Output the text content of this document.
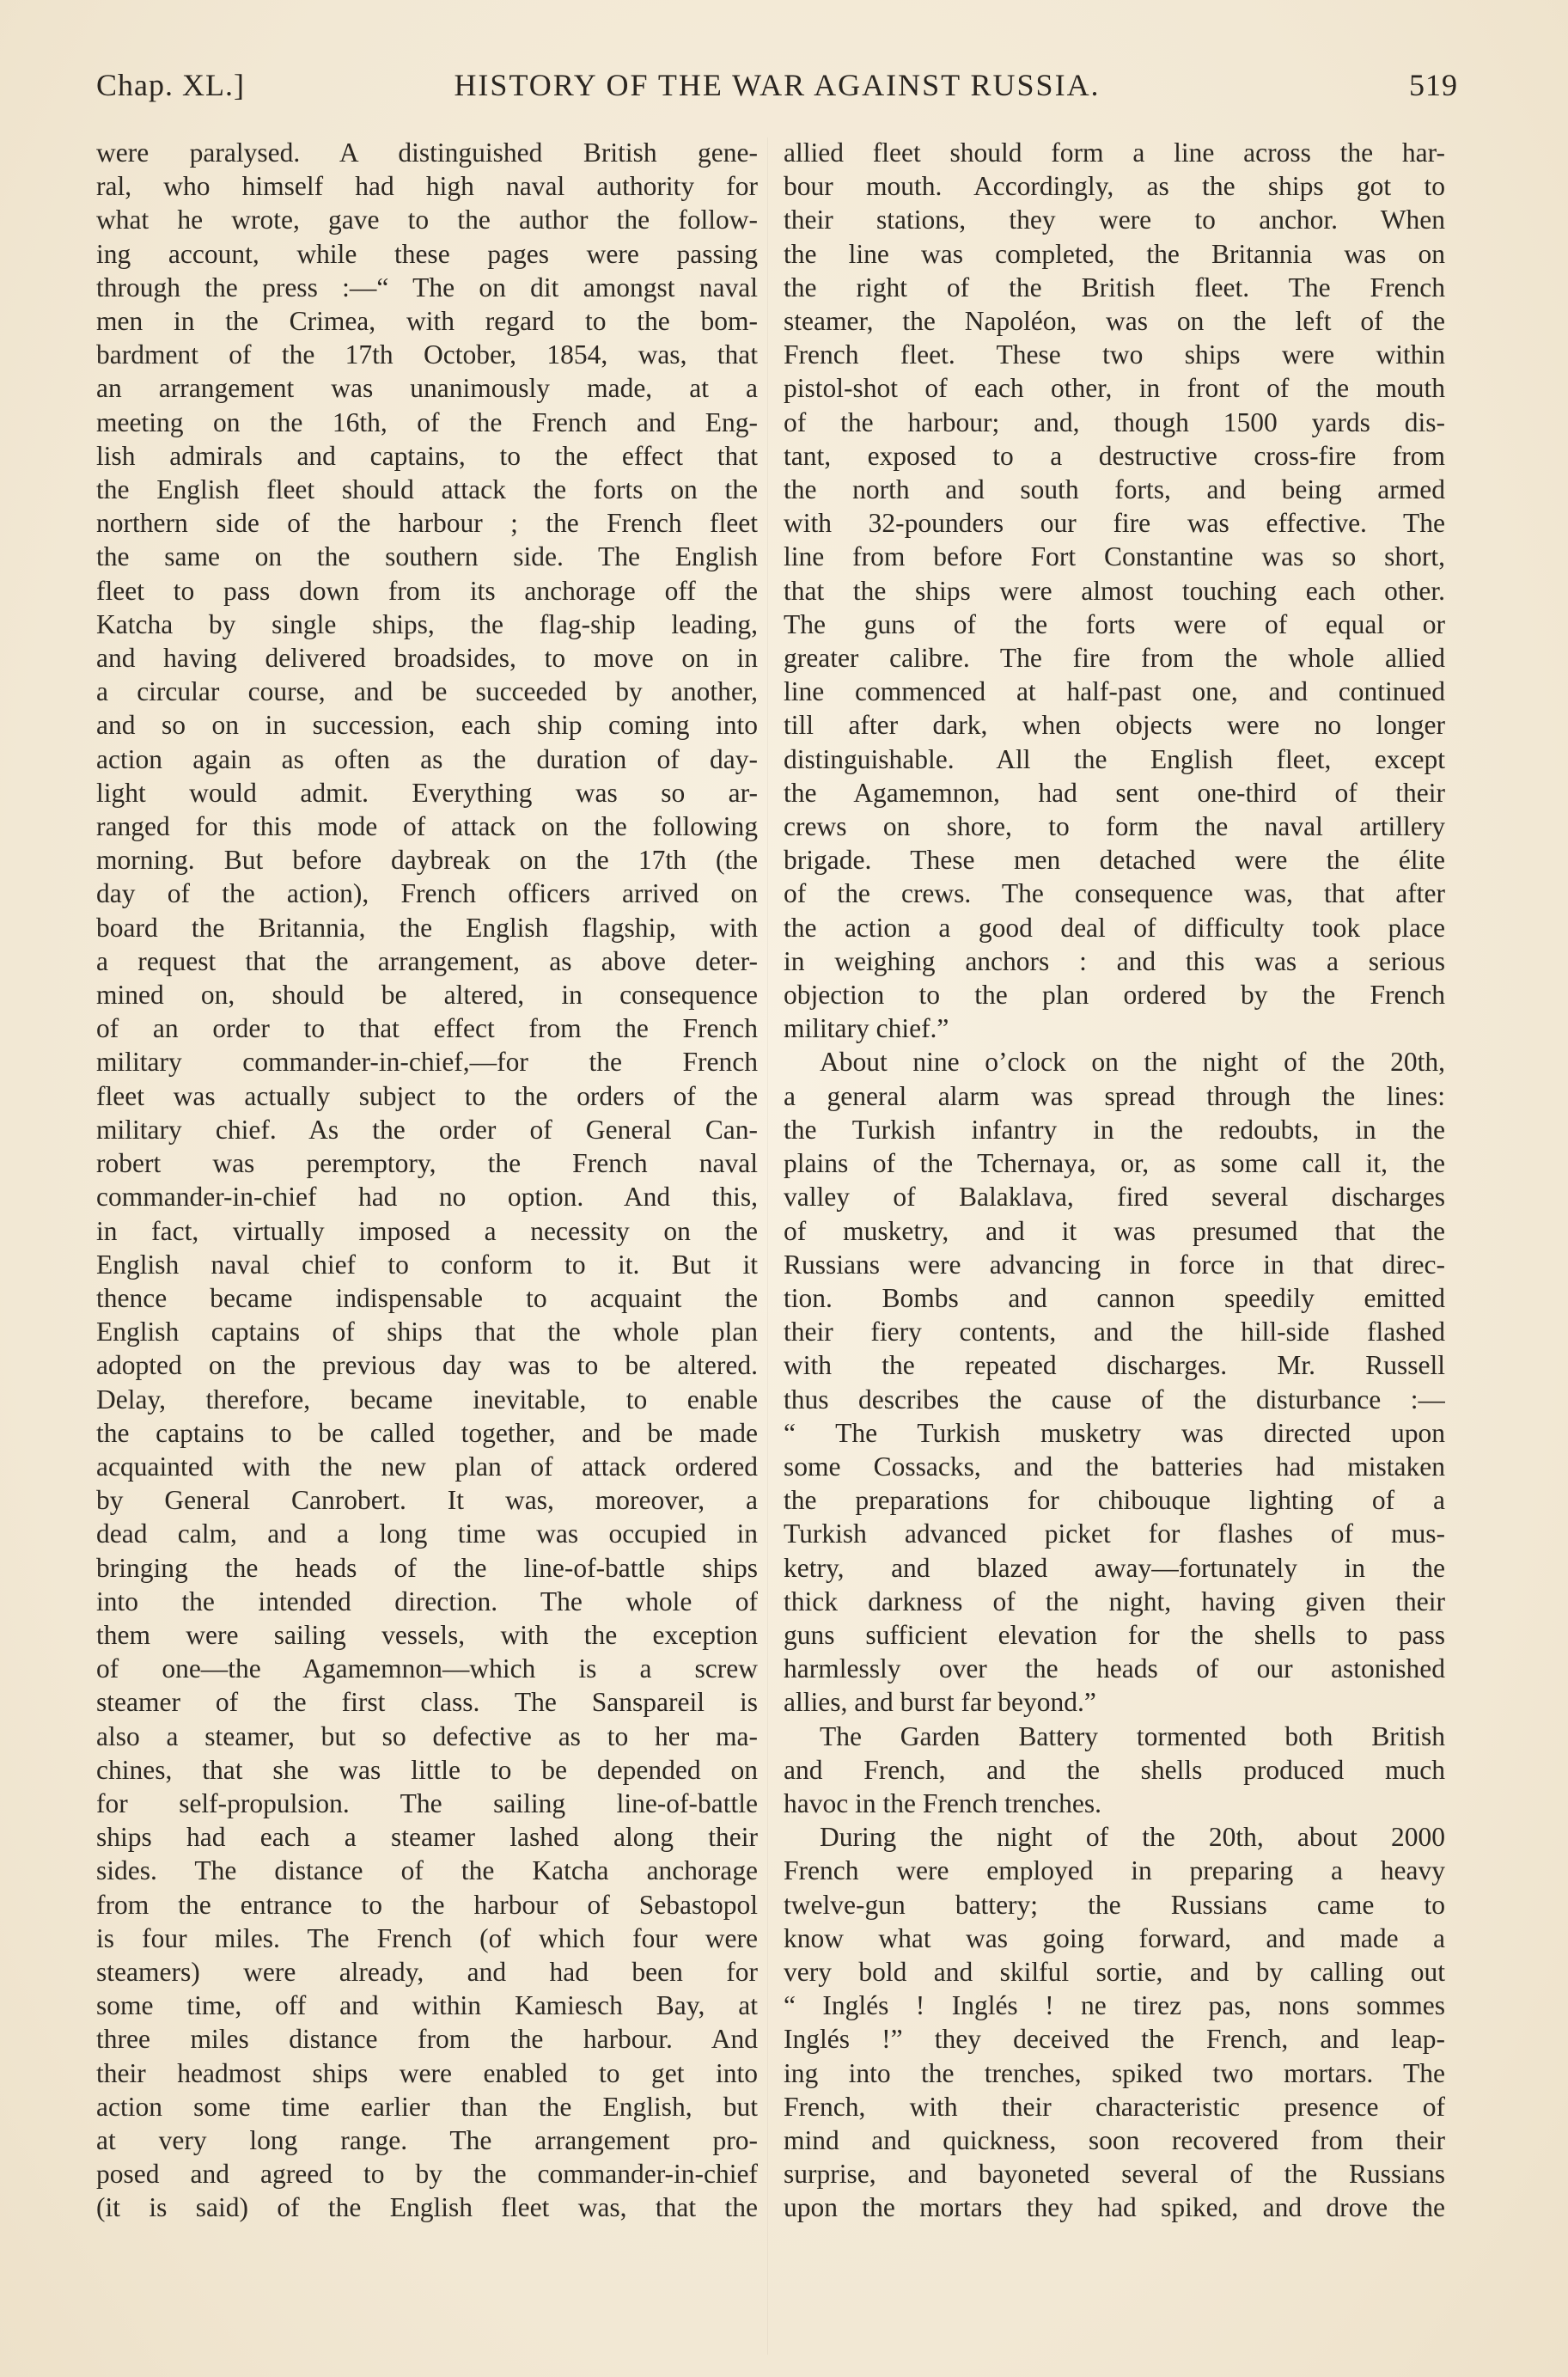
Chap. XL.]	HISTORY OF THE WAR AGAINST RUSSIA.	519
were paralysed. A distinguished British gene-
ral, who himself had high naval authority for
what he wrote, gave to the author the follow-
ing account, while these pages were passing
through the press :—“ The on dit amongst naval
men in the Crimea, with regard to the bom-
bardment of the 17th October, 1854, was, that
an arrangement was unanimously made, at a
meeting on the 16th, of the French and Eng-
lish admirals and captains, to the effect that
the English fleet should attack the forts on the
northern side of the harbour ; the French fleet
the same on the southern side. The English
fleet to pass down from its anchorage off the
Katcha by single ships, the flag-ship leading,
and having delivered broadsides, to move on in
a circular course, and be succeeded by another,
and so on in succession, each ship coming into
action again as often as the duration of day-
light would admit. Everything was so ar-
ranged for this mode of attack on the following
morning. But before daybreak on the 17th (the
day of the action), French officers arrived on
board the Britannia, the English flagship, with
a request that the arrangement, as above deter-
mined on, should be altered, in consequence
of an order to that effect from the French
military commander-in-chief,—for the French
fleet was actually subject to the orders of the
military chief. As the order of General Can-
robert was peremptory, the French naval
commander-in-chief had no option. And this,
in fact, virtually imposed a necessity on the
English naval chief to conform to it. But it
thence became indispensable to acquaint the
English captains of ships that the whole plan
adopted on the previous day was to be altered.
Delay, therefore, became inevitable, to enable
the captains to be called together, and be made
acquainted with the new plan of attack ordered
by General Canrobert. It was, moreover, a
dead calm, and a long time was occupied in
bringing the heads of the line-of-battle ships
into the intended direction. The whole of
them were sailing vessels, with the exception
of one—the Agamemnon—which is a screw
steamer of the first class. The Sanspareil is
also a steamer, but so defective as to her ma-
chines, that she was little to be depended on
for self-propulsion. The sailing line-of-battle
ships had each a steamer lashed along their
sides. The distance of the Katcha anchorage
from the entrance to the harbour of Sebastopol
is four miles. The French (of which four were
steamers) were already, and had been for
some time, off and within Kamiesch Bay, at
three miles distance from the harbour. And
their headmost ships were enabled to get into
action some time earlier than the English, but
at very long range. The arrangement pro-
posed and agreed to by the commander-in-chief
(it is said) of the English fleet was, that the
allied fleet should form a line across the har-
bour mouth. Accordingly, as the ships got to
their stations, they were to anchor. When
the line was completed, the Britannia was on
the right of the British fleet. The French
steamer, the Napoléon, was on the left of the
French fleet. These two ships were within
pistol-shot of each other, in front of the mouth
of the harbour; and, though 1500 yards dis-
tant, exposed to a destructive cross-fire from
the north and south forts, and being armed
with 32-pounders our fire was effective. The
line from before Fort Constantine was so short,
that the ships were almost touching each other.
The guns of the forts were of equal or
greater calibre. The fire from the whole allied
line commenced at half-past one, and continued
till after dark, when objects were no longer
distinguishable. All the English fleet, except
the Agamemnon, had sent one-third of their
crews on shore, to form the naval artillery
brigade. These men detached were the élite
of the crews. The consequence was, that after
the action a good deal of difficulty took place
in weighing anchors : and this was a serious
objection to the plan ordered by the French
military chief.”
About nine o’clock on the night of the 20th,
a general alarm was spread through the lines:
the Turkish infantry in the redoubts, in the
plains of the Tchernaya, or, as some call it, the
valley of Balaklava, fired several discharges
of musketry, and it was presumed that the
Russians were advancing in force in that direc-
tion. Bombs and cannon speedily emitted
their fiery contents, and the hill-side flashed
with the repeated discharges. Mr. Russell
thus describes the cause of the disturbance :—
“ The Turkish musketry was directed upon
some Cossacks, and the batteries had mistaken
the preparations for chibouque lighting of a
Turkish advanced picket for flashes of mus-
ketry, and blazed away—fortunately in the
thick darkness of the night, having given their
guns sufficient elevation for the shells to pass
harmlessly over the heads of our astonished
allies, and burst far beyond.”
The Garden Battery tormented both British
and French, and the shells produced much
havoc in the French trenches.
During the night of the 20th, about 2000
French were employed in preparing a heavy
twelve-gun battery; the Russians came to
know what was going forward, and made a
very bold and skilful sortie, and by calling out
“ Inglés ! Inglés ! ne tirez pas, nons sommes
Inglés !” they deceived the French, and leap-
ing into the trenches, spiked two mortars. The
French, with their characteristic presence of
mind and quickness, soon recovered from their
surprise, and bayoneted several of the Russians
upon the mortars they had spiked, and drove the
